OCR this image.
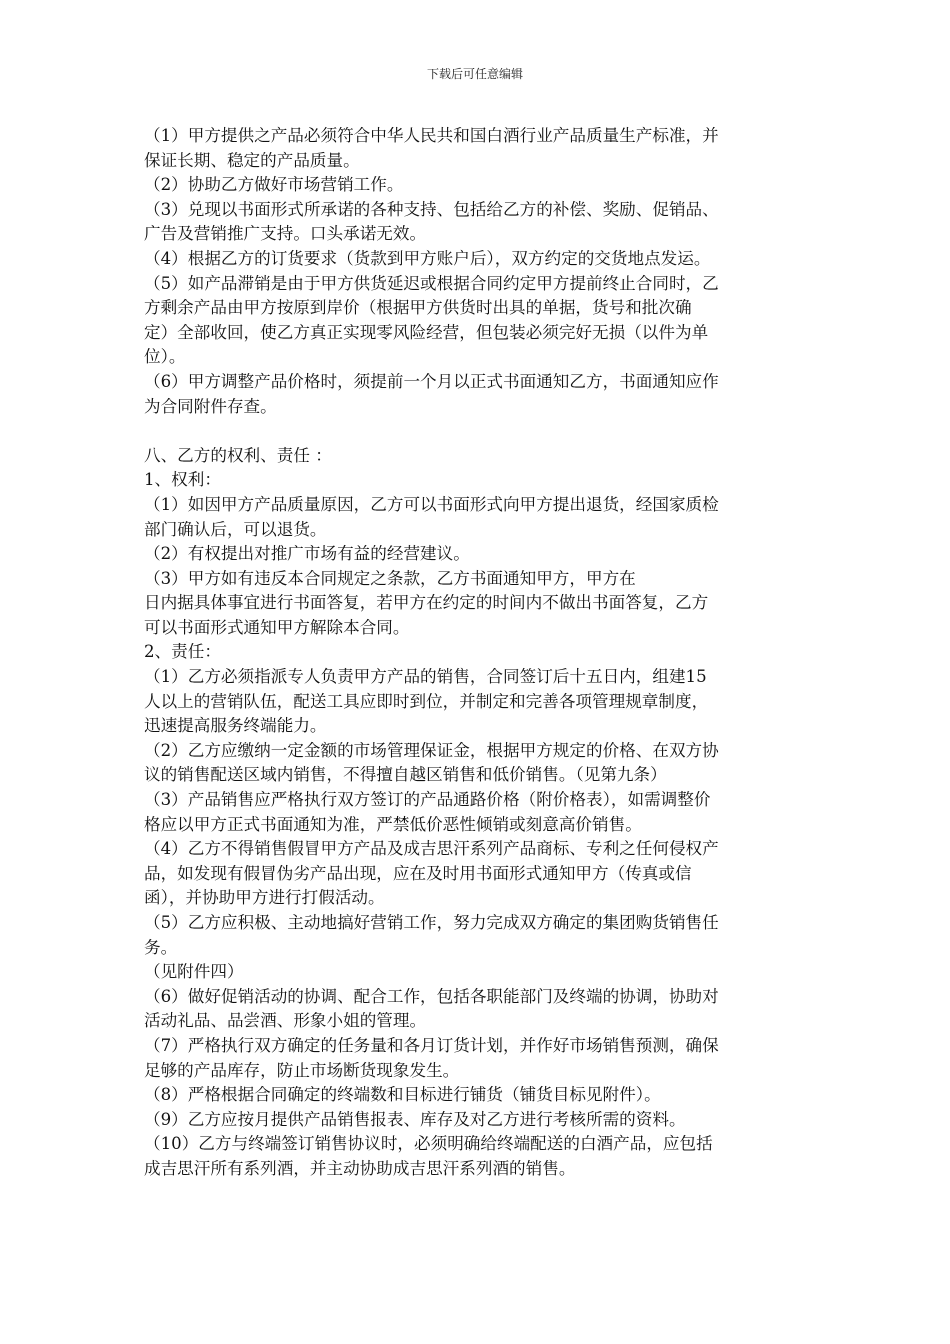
下载后可任意编辑
（1）甲方提供之产品必须符合中华人民共和国白酒行业产品质量生产标准，并
保证长期、稳定的产品质量。
（2）协助乙方做好市场营销工作。
（3）兑现以书面形式所承诺的各种支持、包括给乙方的补偿、奖励、促销品、
广告及营销推广支持。口头承诺无效。
（4）根据乙方的订货要求（货款到甲方账户后），双方约定的交货地点发运。
（5）如产品滞销是由于甲方供货延迟或根据合同约定甲方提前终止合同时，乙
方剩余产品由甲方按原到岸价（根据甲方供货时出具的单据，货号和批次确
定）全部收回，使乙方真正实现零风险经营，但包装必须完好无损（以件为单
位）。
（6）甲方调整产品价格时，须提前一个月以正式书面通知乙方，书面通知应作
为合同附件存查。
八、乙方的权利、责任 ：
1、权利：
（1）如因甲方产品质量原因，乙方可以书面形式向甲方提出退货，经国家质检
部门确认后，可以退货。
（2）有权提出对推广市场有益的经营建议。
（3）甲方如有违反本合同规定之条款，乙方书面通知甲方，甲方在
日内据具体事宜进行书面答复，若甲方在约定的时间内不做出书面答复，乙方
可以书面形式通知甲方解除本合同。
2、责任：
（1）乙方必须指派专人负责甲方产品的销售，合同签订后十五日内，组建15
人以上的营销队伍，配送工具应即时到位，并制定和完善各项管理规章制度，
迅速提高服务终端能力。
（2）乙方应缴纳一定金额的市场管理保证金，根据甲方规定的价格、在双方协
议的销售配送区域内销售，不得擅自越区销售和低价销售。（见第九条）
（3）产品销售应严格执行双方签订的产品通路价格（附价格表），如需调整价
格应以甲方正式书面通知为准，严禁低价恶性倾销或刻意高价销售。
（4）乙方不得销售假冒甲方产品及成吉思汗系列产品商标、专利之任何侵权产
品，如发现有假冒伪劣产品出现，应在及时用书面形式通知甲方（传真或信
函），并协助甲方进行打假活动。
（5）乙方应积极、主动地搞好营销工作，努力完成双方确定的集团购货销售任
务。
（见附件四）
（6）做好促销活动的协调、配合工作，包括各职能部门及终端的协调，协助对
活动礼品、品尝酒、形象小姐的管理。
（7）严格执行双方确定的任务量和各月订货计划，并作好市场销售预测，确保
足够的产品库存，防止市场断货现象发生。
（8）严格根据合同确定的终端数和目标进行铺货（铺货目标见附件）。
（9）乙方应按月提供产品销售报表、库存及对乙方进行考核所需的资料。
（10）乙方与终端签订销售协议时，必须明确给终端配送的白酒产品，应包括
成吉思汗所有系列酒，并主动协助成吉思汗系列酒的销售。
